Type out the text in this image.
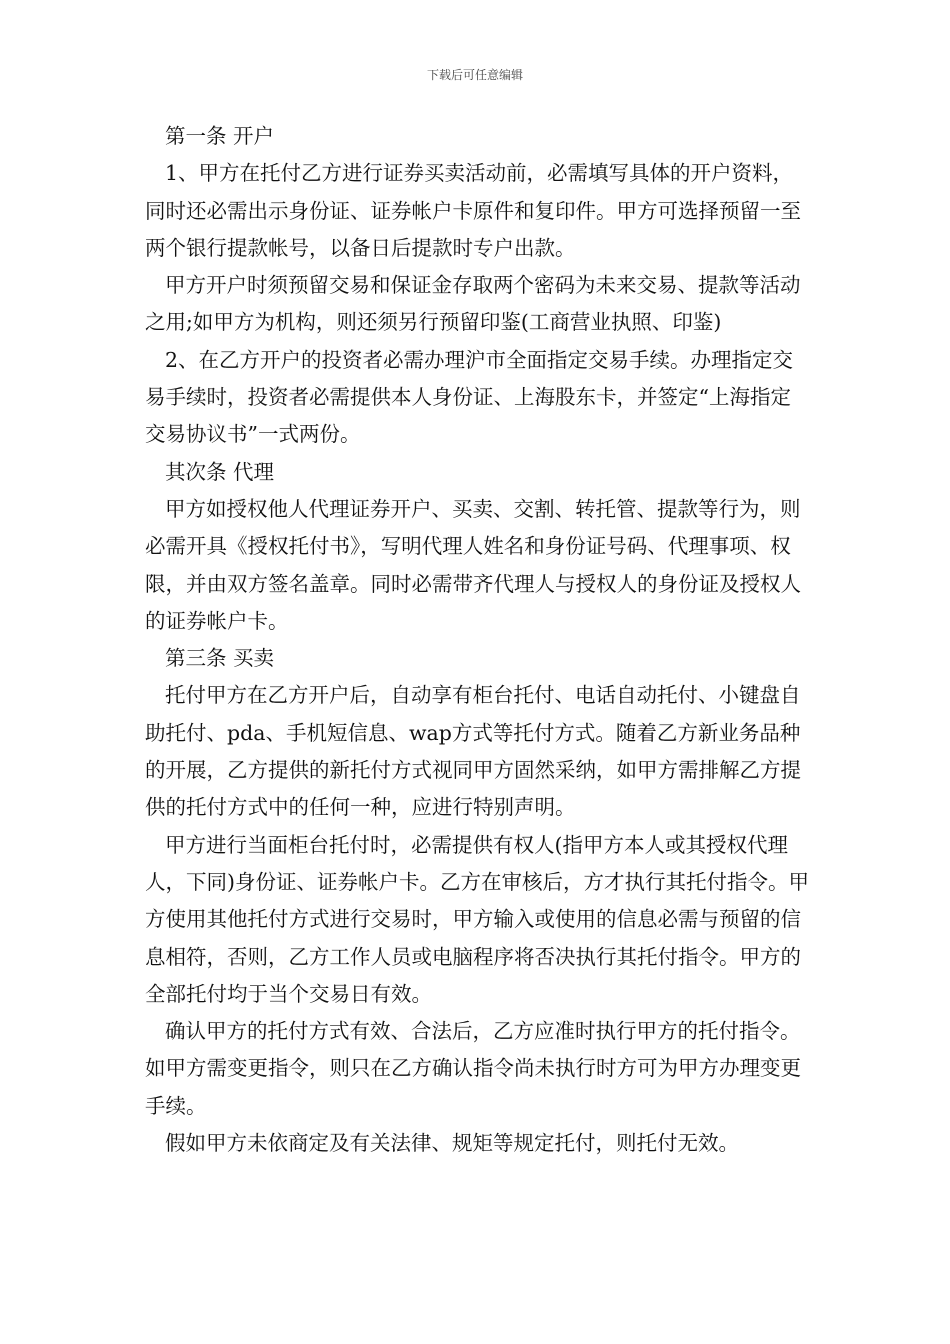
下载后可任意编辑

第一条 开户

1、甲方在托付乙方进行证券买卖活动前，必需填写具体的开户资料，同时还必需出示身份证、证券帐户卡原件和复印件。甲方可选择预留一至两个银行提款帐号，以备日后提款时专户出款。

甲方开户时须预留交易和保证金存取两个密码为未来交易、提款等活动之用;如甲方为机构，则还须另行预留印鉴(工商营业执照、印鉴)

2、在乙方开户的投资者必需办理沪市全面指定交易手续。办理指定交易手续时，投资者必需提供本人身份证、上海股东卡，并签定“上海指定交易协议书”一式两份。

其次条 代理

甲方如授权他人代理证券开户、买卖、交割、转托管、提款等行为，则必需开具《授权托付书》，写明代理人姓名和身份证号码、代理事项、权限，并由双方签名盖章。同时必需带齐代理人与授权人的身份证及授权人的证券帐户卡。

第三条 买卖

托付甲方在乙方开户后，自动享有柜台托付、电话自动托付、小键盘自助托付、pda、手机短信息、wap方式等托付方式。随着乙方新业务品种的开展，乙方提供的新托付方式视同甲方固然采纳，如甲方需排解乙方提供的托付方式中的任何一种，应进行特别声明。

甲方进行当面柜台托付时，必需提供有权人(指甲方本人或其授权代理人，下同)身份证、证券帐户卡。乙方在审核后，方才执行其托付指令。甲方使用其他托付方式进行交易时，甲方输入或使用的信息必需与预留的信息相符，否则，乙方工作人员或电脑程序将否决执行其托付指令。甲方的全部托付均于当个交易日有效。

确认甲方的托付方式有效、合法后，乙方应准时执行甲方的托付指令。如甲方需变更指令，则只在乙方确认指令尚未执行时方可为甲方办理变更手续。

假如甲方未依商定及有关法律、规矩等规定托付，则托付无效。
